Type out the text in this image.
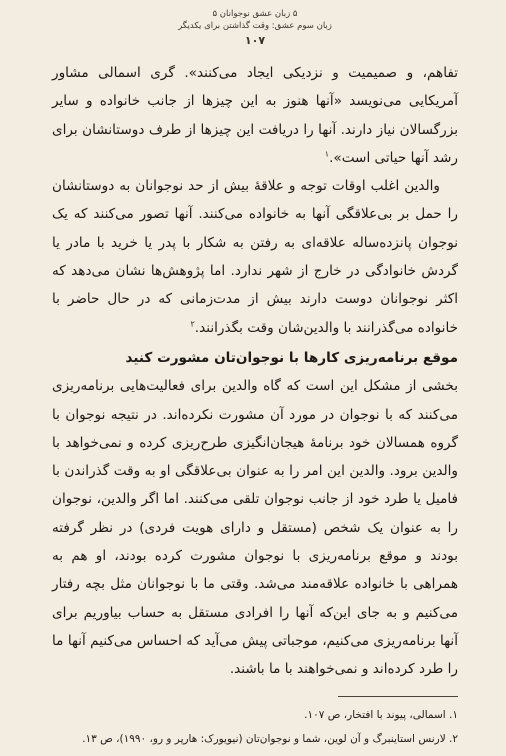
۵ زبان عشق نوجوانان ۵
زبان سوم عشق: وقت گذاشتن برای یکدیگر
۱۰۷

تفاهم، و صمیمیت و نزدیکی ایجاد می‌کنند». گری اسمالی مشاور آمریکایی می‌نویسد «آنها هنوز به این چیزها از جانب خانواده و سایر بزرگسالان نیاز دارند. آنها را دریافت این چیزها از طرف دوستانشان برای رشد آنها حیاتی است».$^۱$

والدین اغلب اوقات توجه و علاقهٔ بیش از حد نوجوانان به دوستانشان را حمل بر بی‌علاقگی آنها به خانواده می‌کنند. آنها تصور می‌کنند که یک نوجوان پانزده‌ساله علاقه‌ای به رفتن به شکار با پدر یا خرید با مادر یا گردش خانوادگی در خارج از شهر ندارد. اما پژوهش‌ها نشان می‌دهد که اکثر نوجوانان دوست دارند بیش از مدت‌زمانی که در حال حاضر با خانواده می‌گذرانند با والدین‌شان وقت بگذرانند.$^۲$

موقع برنامه‌ریزی کارها با نوجوان‌تان مشورت کنید

بخشی از مشکل این است که گاه والدین برای فعالیت‌هایی برنامه‌ریزی می‌کنند که با نوجوان در مورد آن مشورت نکرده‌اند. در نتیجه نوجوان با گروه همسالان خود برنامهٔ هیجان‌انگیزی طرح‌ریزی کرده و نمی‌خواهد با والدین برود. والدین این امر را به عنوان بی‌علاقگی او به وقت گذراندن با فامیل یا طرد خود از جانب نوجوان تلقی می‌کنند. اما اگر والدین، نوجوان را به عنوان یک شخص (مستقل و دارای هویت فردی) در نظر گرفته بودند و موقع برنامه‌ریزی با نوجوان مشورت کرده بودند، او هم به همراهی با خانواده علاقه‌مند می‌شد. وقتی ما با نوجوانان مثل بچه رفتار می‌کنیم و به جای این‌که آنها را افرادی مستقل به حساب بیاوریم برای آنها برنامه‌ریزی می‌کنیم، موجباتی پیش می‌آید که احساس می‌کنیم آنها ما را طرد کرده‌اند و نمی‌خواهند با ما باشند.

۱. اسمالی، پیوند با افتخار، ص ۱۰۷.

۲. لارنس استاینبرگ و آن لوین، شما و نوجوان‌تان (نیویورک: هارپر و رو، ۱۹۹۰)، ص ۱۳.
